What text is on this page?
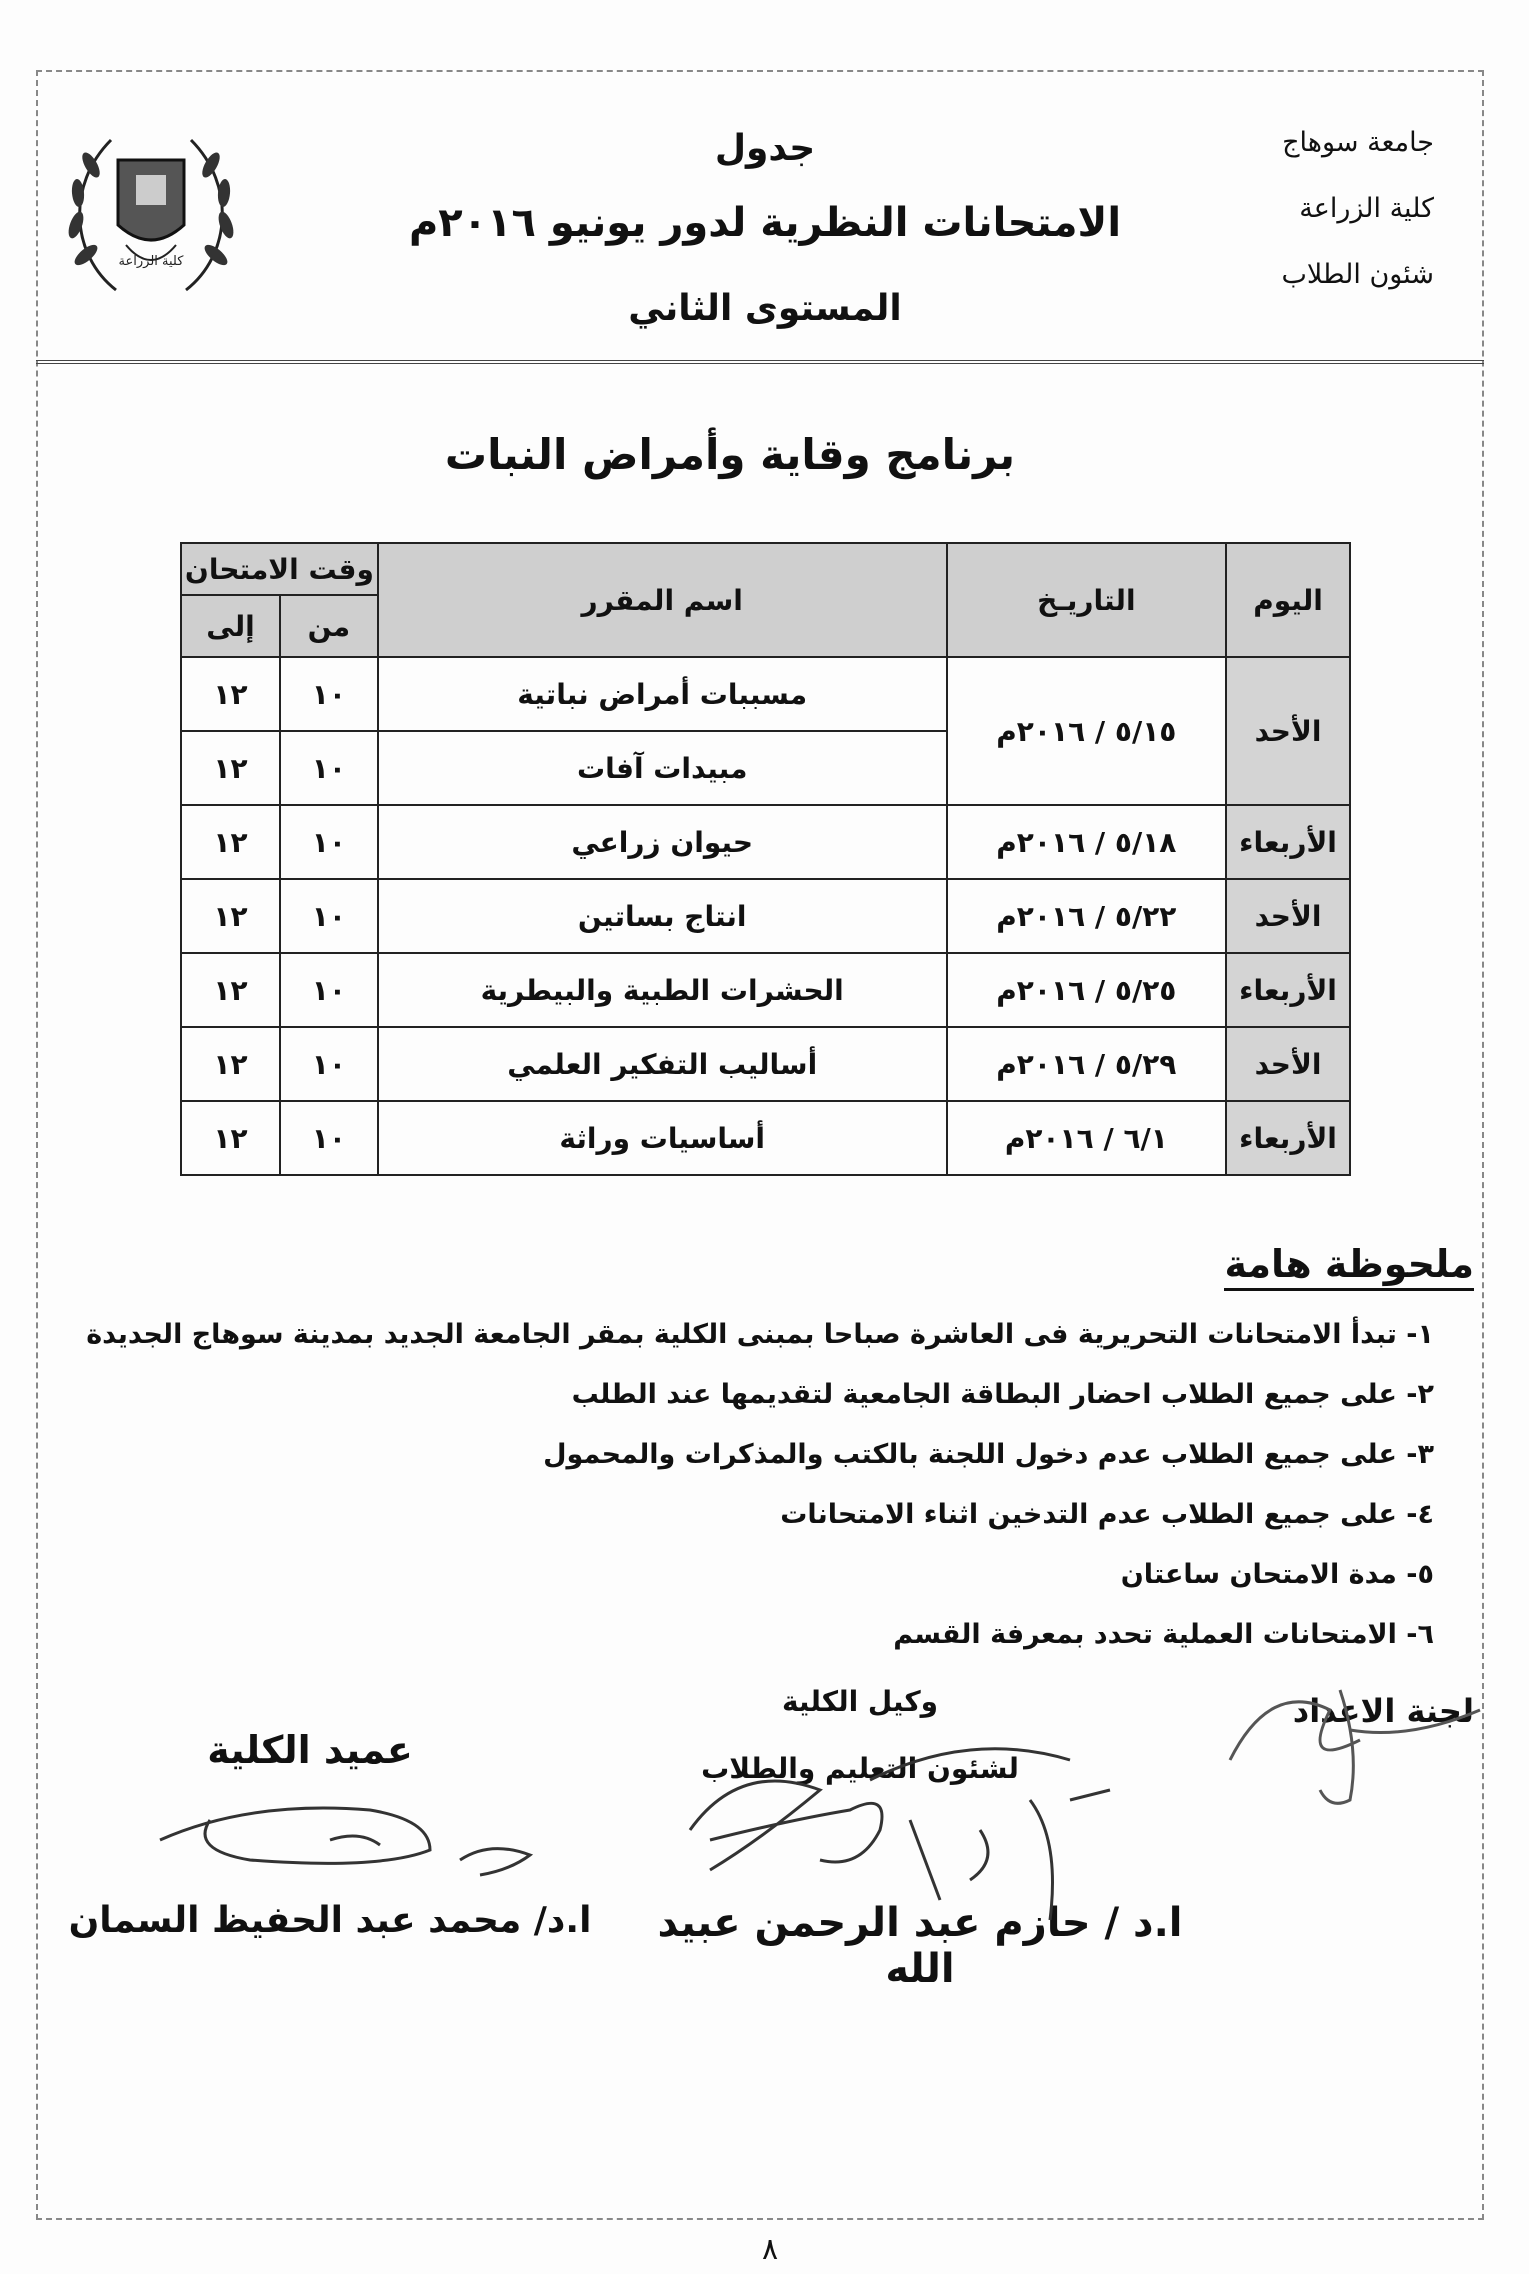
جامعة سوهاج
كلية الزراعة
شئون الطلاب
كلية الزراعة
جدول
الامتحانات النظرية لدور يونيو ٢٠١٦م
المستوى الثاني
برنامج وقاية وأمراض النبات
اليوم	التاريـخ	اسم المقرر	وقت الامتحان	
			من	إلى
الأحد	٥/١٥ / ٢٠١٦م	مسببات أمراض نباتية	١٠	١٢
		مبيدات آفات	١٠	١٢
الأربعاء	٥/١٨ / ٢٠١٦م	حيوان زراعي	١٠	١٢
الأحد	٥/٢٢ / ٢٠١٦م	انتاج بساتين	١٠	١٢
الأربعاء	٥/٢٥ / ٢٠١٦م	الحشرات الطبية والبيطرية	١٠	١٢
الأحد	٥/٢٩ / ٢٠١٦م	أساليب التفكير العلمي	١٠	١٢
الأربعاء	٦/١ / ٢٠١٦م	أساسيات وراثة	١٠	١٢
ملحوظة هامة
١- تبدأ الامتحانات التحريرية فى العاشرة صباحا بمبنى الكلية بمقر الجامعة الجديد بمدينة سوهاج الجديدة
٢- على جميع الطلاب احضار البطاقة الجامعية لتقديمها عند الطلب
٣- على جميع الطلاب عدم دخول اللجنة بالكتب والمذكرات والمحمول
٤- على جميع الطلاب عدم التدخين اثناء الامتحانات
٥- مدة الامتحان ساعتان
٦- الامتحانات العملية تحدد بمعرفة القسم
لجنة الاعداد
وكيل الكلية
لشئون التعليم والطلاب
ا.د / حازم عبد الرحمن عبيد الله
عميد الكلية
ا.د/ محمد عبد الحفيظ السمان
٨
